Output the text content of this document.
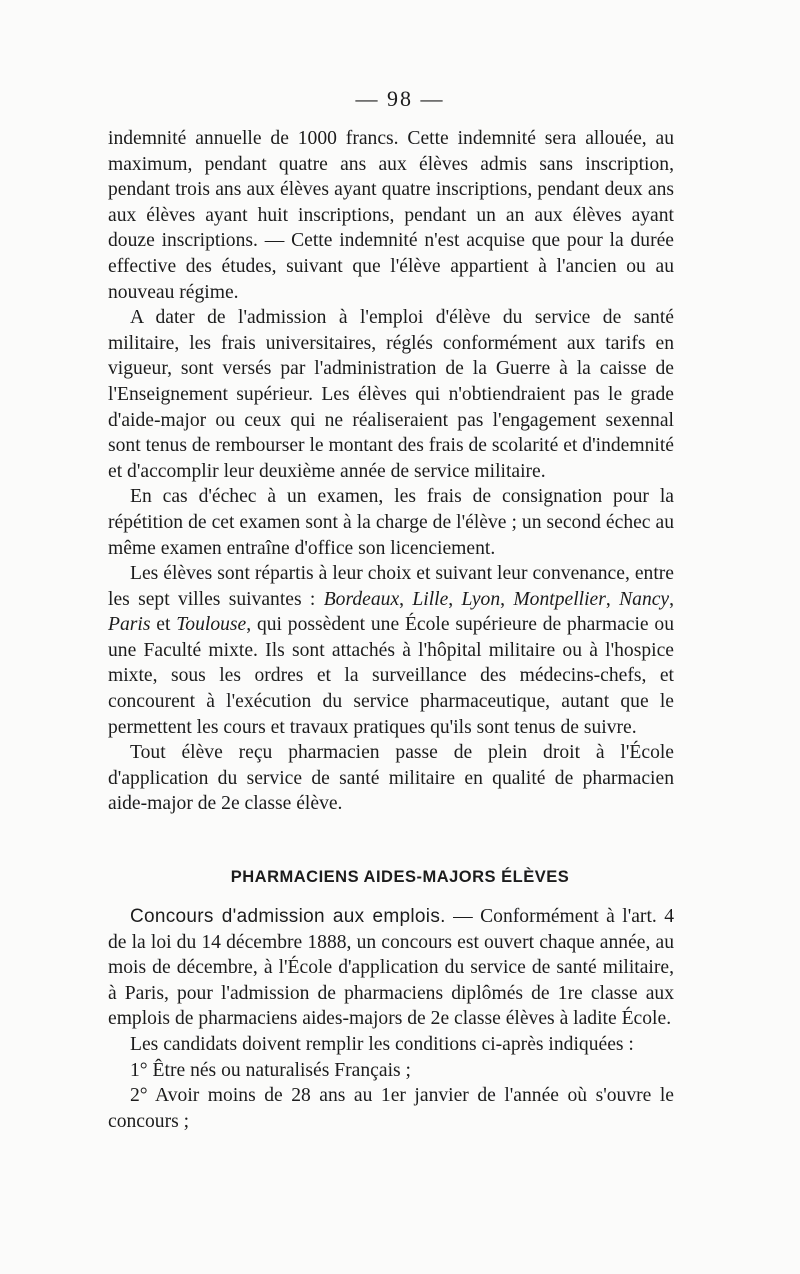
— 98 —

indemnité annuelle de 1000 francs. Cette indemnité sera allouée, au maximum, pendant quatre ans aux élèves admis sans inscription, pendant trois ans aux élèves ayant quatre inscriptions, pendant deux ans aux élèves ayant huit inscriptions, pendant un an aux élèves ayant douze inscriptions. — Cette indemnité n'est acquise que pour la durée effective des études, suivant que l'élève appartient à l'ancien ou au nouveau régime.

A dater de l'admission à l'emploi d'élève du service de santé militaire, les frais universitaires, réglés conformément aux tarifs en vigueur, sont versés par l'administration de la Guerre à la caisse de l'Enseignement supérieur. Les élèves qui n'obtiendraient pas le grade d'aide-major ou ceux qui ne réaliseraient pas l'engagement sexennal sont tenus de rembourser le montant des frais de scolarité et d'indemnité et d'accomplir leur deuxième année de service militaire.

En cas d'échec à un examen, les frais de consignation pour la répétition de cet examen sont à la charge de l'élève ; un second échec au même examen entraîne d'office son licenciement.

Les élèves sont répartis à leur choix et suivant leur convenance, entre les sept villes suivantes : Bordeaux, Lille, Lyon, Montpellier, Nancy, Paris et Toulouse, qui possèdent une École supérieure de pharmacie ou une Faculté mixte. Ils sont attachés à l'hôpital militaire ou à l'hospice mixte, sous les ordres et la surveillance des médecins-chefs, et concourent à l'exécution du service pharmaceutique, autant que le permettent les cours et travaux pratiques qu'ils sont tenus de suivre.

Tout élève reçu pharmacien passe de plein droit à l'École d'application du service de santé militaire en qualité de pharmacien aide-major de 2e classe élève.

PHARMACIENS AIDES-MAJORS ÉLÈVES

Concours d'admission aux emplois. — Conformément à l'art. 4 de la loi du 14 décembre 1888, un concours est ouvert chaque année, au mois de décembre, à l'École d'application du service de santé militaire, à Paris, pour l'admission de pharmaciens diplômés de 1re classe aux emplois de pharmaciens aides-majors de 2e classe élèves à ladite École.

Les candidats doivent remplir les conditions ci-après indiquées :

1° Être nés ou naturalisés Français ;

2° Avoir moins de 28 ans au 1er janvier de l'année où s'ouvre le concours ;
